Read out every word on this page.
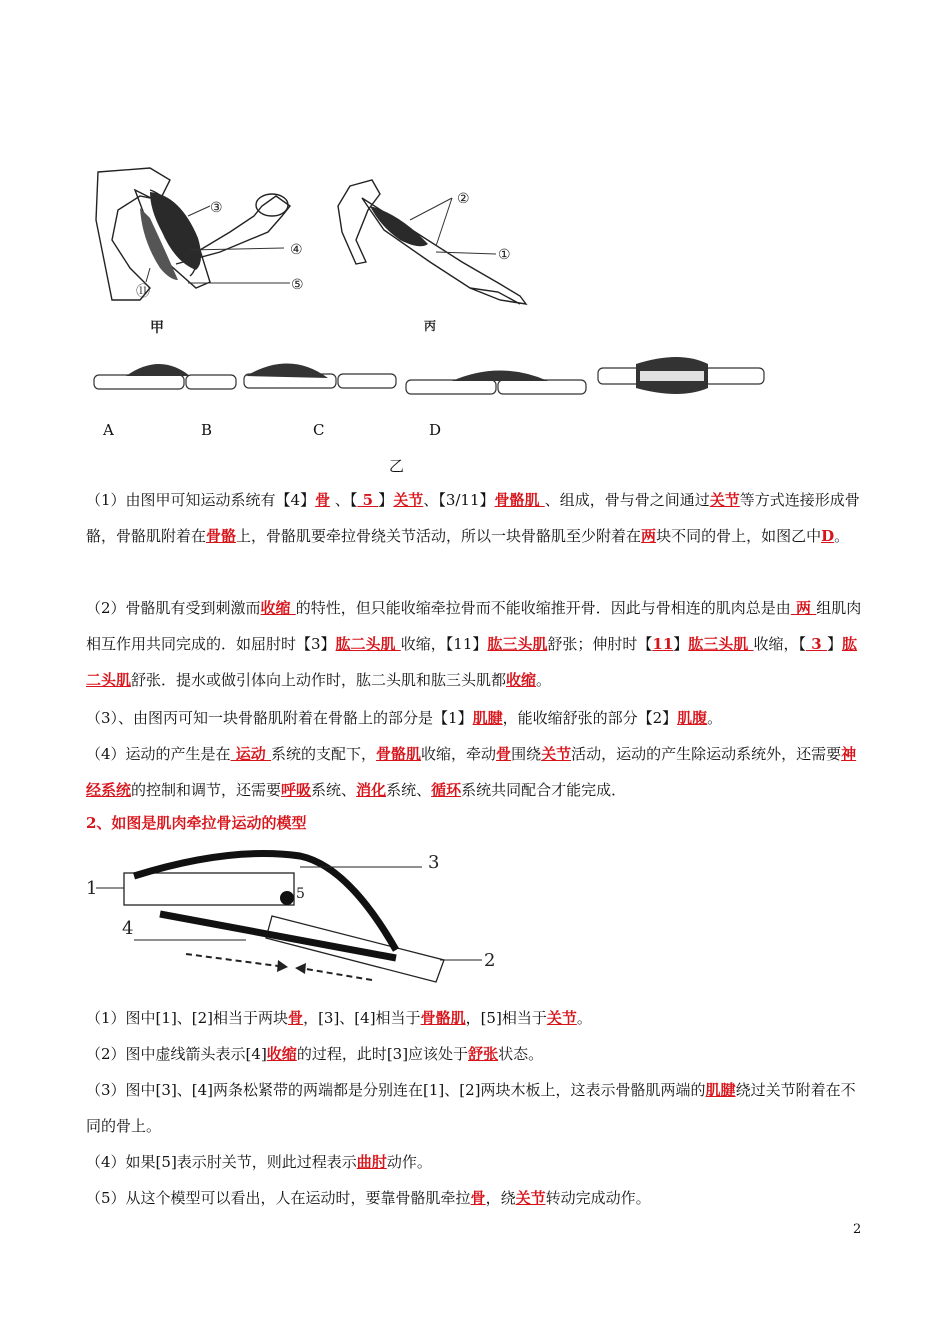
③
④
⑤
⑪
甲
②
①
丙
A	B	C	D
乙
（1）由图甲可知运动系统有【4】骨 、【 5 】关节、【3/11】骨骼肌 、组成，骨与骨之间通过关节等方式连接形成骨骼，骨骼肌附着在骨骼上，骨骼肌要牵拉骨绕关节活动，所以一块骨骼肌至少附着在两块不同的骨上，如图乙中D。
（2）骨骼肌有受到刺激而收缩 的特性，但只能收缩牵拉骨而不能收缩推开骨．因此与骨相连的肌肉总是由 两 组肌肉相互作用共同完成的．如屈肘时【3】肱二头肌 收缩，【11】肱三头肌舒张；伸肘时【11】肱三头肌 收缩，【 3 】肱二头肌舒张．提水或做引体向上动作时，肱二头肌和肱三头肌都收缩。
（3）、由图丙可知一块骨骼肌附着在骨骼上的部分是【1】肌腱，能收缩舒张的部分【2】肌腹。
（4）运动的产生是在 运动 系统的支配下，骨骼肌收缩，牵动骨围绕关节活动，运动的产生除运动系统外，还需要神经系统的控制和调节，还需要呼吸系统、消化系统、循环系统共同配合才能完成．
2、如图是肌肉牵拉骨运动的模型
1
2
3
4
5
（1）图中[1]、[2]相当于两块骨，[3]、[4]相当于骨骼肌，[5]相当于关节。
（2）图中虚线箭头表示[4]收缩的过程，此时[3]应该处于舒张状态。
（3）图中[3]、[4]两条松紧带的两端都是分别连在[1]、[2]两块木板上，这表示骨骼肌两端的肌腱绕过关节附着在不同的骨上。
（4）如果[5]表示肘关节，则此过程表示曲肘动作。
（5）从这个模型可以看出，人在运动时，要靠骨骼肌牵拉骨，绕关节转动完成动作。
2
